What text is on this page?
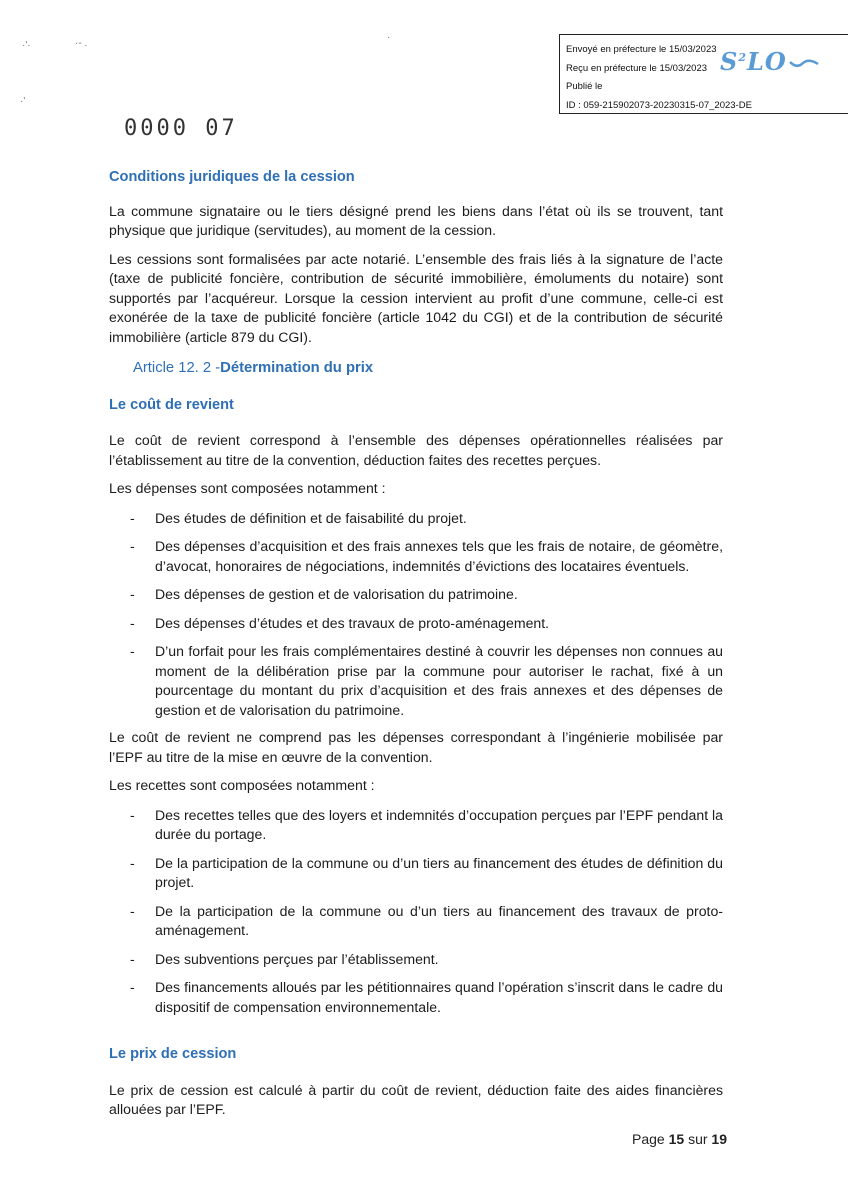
Envoyé en préfecture le 15/03/2023
Reçu en préfecture le 15/03/2023
Publié le
ID : 059-215902073-20230315-07_2023-DE
$S^2LO$
·'·	·‐ .
·'
·
0000 07
Conditions juridiques de la cession

La commune signataire ou le tiers désigné prend les biens dans l’état où ils se trouvent, tant physique que juridique (servitudes), au moment de la cession.

Les cessions sont formalisées par acte notarié. L’ensemble des frais liés à la signature de l’acte (taxe de publicité foncière, contribution de sécurité immobilière, émoluments du notaire) sont supportés par l’acquéreur. Lorsque la cession intervient au profit d’une commune, celle-ci est exonérée de la taxe de publicité foncière (article 1042 du CGI) et de la contribution de sécurité immobilière (article 879 du CGI).

Article 12. 2 -Détermination du prix
Le coût de revient

Le coût de revient correspond à l’ensemble des dépenses opérationnelles réalisées par l’établissement au titre de la convention, déduction faites des recettes perçues.

Les dépenses sont composées notamment :

- Des études de définition et de faisabilité du projet.
- Des dépenses d’acquisition et des frais annexes tels que les frais de notaire, de géomètre, d’avocat, honoraires de négociations, indemnités d’évictions des locataires éventuels.
- Des dépenses de gestion et de valorisation du patrimoine.
- Des dépenses d’études et des travaux de proto-aménagement.
- D’un forfait pour les frais complémentaires destiné à couvrir les dépenses non connues au moment de la délibération prise par la commune pour autoriser le rachat, fixé à un pourcentage du montant du prix d’acquisition et des frais annexes et des dépenses de gestion et de valorisation du patrimoine.

Le coût de revient ne comprend pas les dépenses correspondant à l’ingénierie mobilisée par l’EPF au titre de la mise en œuvre de la convention.

Les recettes sont composées notamment :

- Des recettes telles que des loyers et indemnités d’occupation perçues par l’EPF pendant la durée du portage.
- De la participation de la commune ou d’un tiers au financement des études de définition du projet.
- De la participation de la commune ou d’un tiers au financement des travaux de proto-aménagement.
- Des subventions perçues par l’établissement.
- Des financements alloués par les pétitionnaires quand l’opération s’inscrit dans le cadre du dispositif de compensation environnementale.
Le prix de cession

Le prix de cession est calculé à partir du coût de revient, déduction faite des aides financières allouées par l’EPF.

Page 15 sur 19
